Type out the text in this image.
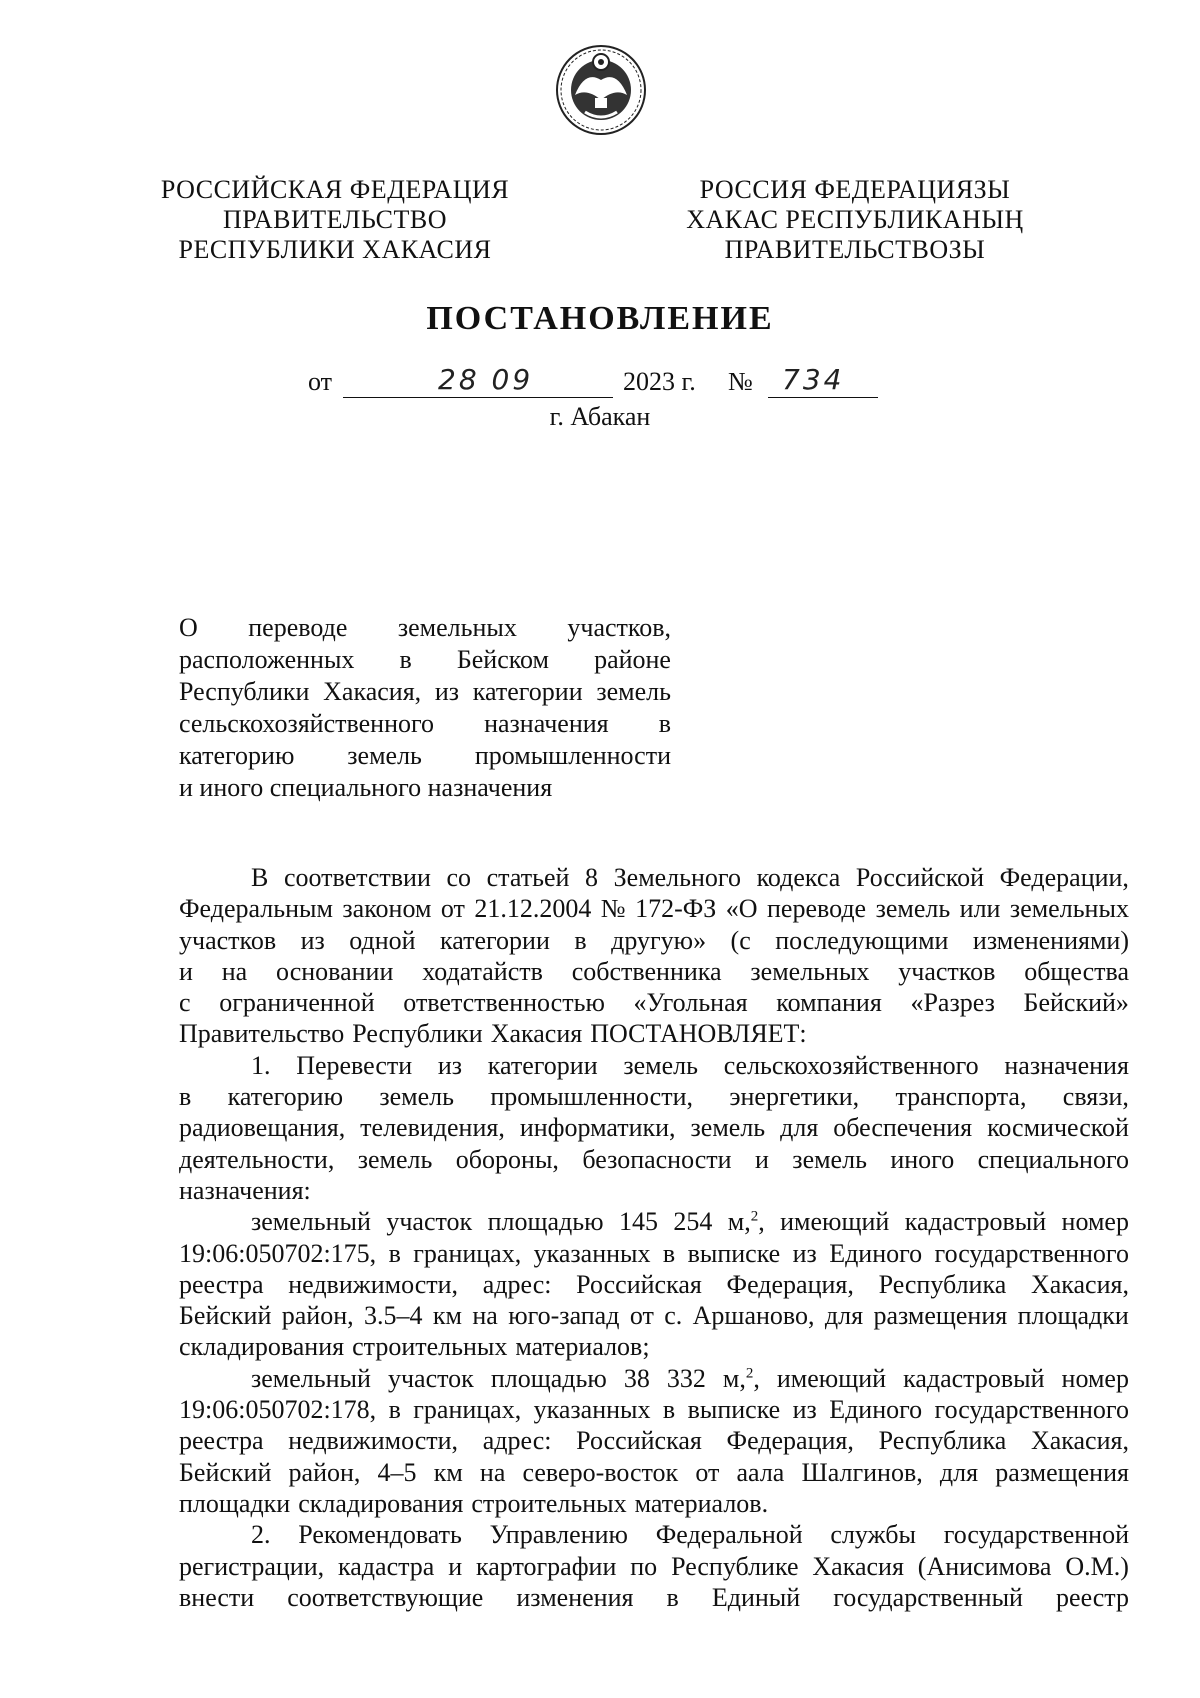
РОССИЙСКАЯ ФЕДЕРАЦИЯ
ПРАВИТЕЛЬСТВО
РЕСПУБЛИКИ ХАКАСИЯ
РОССИЯ ФЕДЕРАЦИЯЗЫ
ХАКАС РЕСПУБЛИКАНЫҢ
ПРАВИТЕЛЬСТВОЗЫ
ПОСТАНОВЛЕНИЕ
от	28 09	2023 г. № 734
г. Абакан
О переводе земельных участков,
расположенных в Бейском районе
Республики Хакасия, из категории земель
сельскохозяйственного назначения в
категорию земель промышленности
и иного специального назначения
В соответствии со статьей 8 Земельного кодекса Российской Федерации,
Федеральным законом от 21.12.2004 № 172-ФЗ «О переводе земель или земельных
участков из одной категории в другую» (с последующими изменениями)
и на основании ходатайств собственника земельных участков общества
с ограниченной ответственностью «Угольная компания «Разрез Бейский»
Правительство Республики Хакасия ПОСТАНОВЛЯЕТ:
1. Перевести из категории земель сельскохозяйственного назначения
в категорию земель промышленности, энергетики, транспорта, связи,
радиовещания, телевидения, информатики, земель для обеспечения космической
деятельности, земель обороны, безопасности и земель иного специального
назначения:
земельный участок площадью 145 254 м,$^2$, имеющий кадастровый номер
19:06:050702:175, в границах, указанных в выписке из Единого государственного
реестра недвижимости, адрес: Российская Федерация, Республика Хакасия,
Бейский район, 3.5–4 км на юго-запад от с. Аршаново, для размещения площадки
складирования строительных материалов;
земельный участок площадью 38 332 м,$^2$, имеющий кадастровый номер
19:06:050702:178, в границах, указанных в выписке из Единого государственного
реестра недвижимости, адрес: Российская Федерация, Республика Хакасия,
Бейский район, 4–5 км на северо-восток от аала Шалгинов, для размещения
площадки складирования строительных материалов.
2. Рекомендовать Управлению Федеральной службы государственной
регистрации, кадастра и картографии по Республике Хакасия (Анисимова О.М.)
внести соответствующие изменения в Единый государственный реестр
